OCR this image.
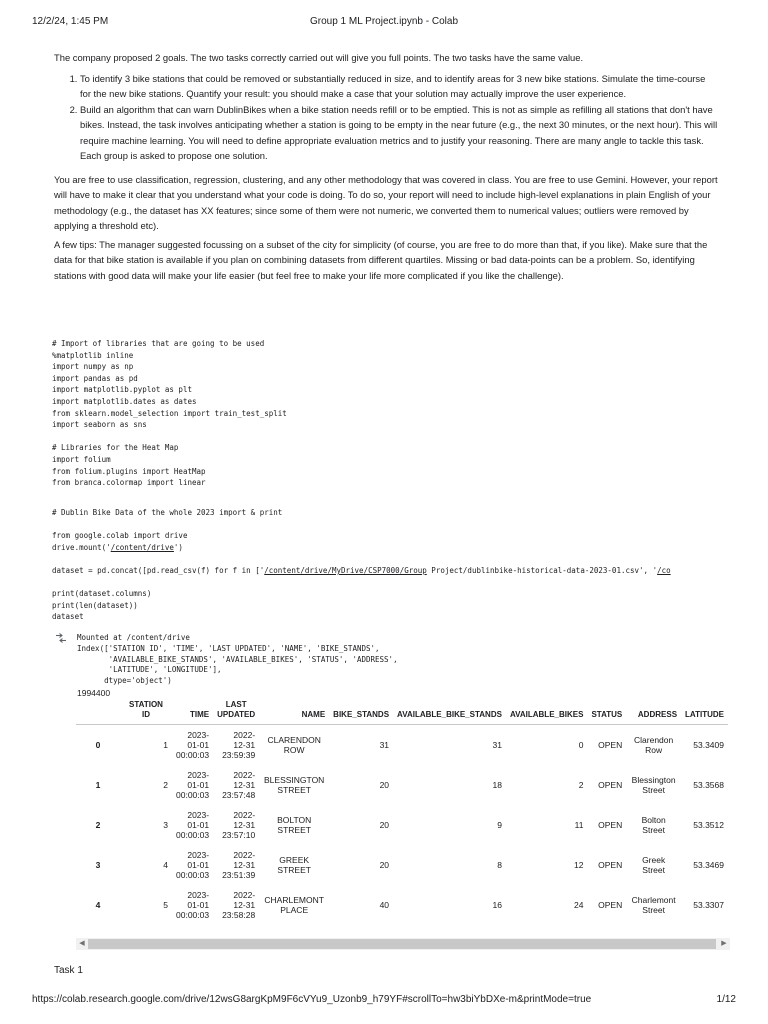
12/2/24, 1:45 PM	Group 1 ML Project.ipynb - Colab

The company proposed 2 goals. The two tasks correctly carried out will give you full points. The two tasks have the same value.

1. To identify 3 bike stations that could be removed or substantially reduced in size, and to identify areas for 3 new bike stations. Simulate the time-course for the new bike stations. Quantify your result: you should make a case that your solution may actually improve the user experience.
2. Build an algorithm that can warn DublinBikes when a bike station needs refill or to be emptied. This is not as simple as refilling all stations that don't have bikes. Instead, the task involves anticipating whether a station is going to be empty in the near future (e.g., the next 30 minutes, or the next hour). This will require machine learning. You will need to define appropriate evaluation metrics and to justify your reasoning. There are many angle to tackle this task. Each group is asked to propose one solution.

You are free to use classification, regression, clustering, and any other methodology that was covered in class. You are free to use Gemini. However, your report will have to make it clear that you understand what your code is doing. To do so, your report will need to include high-level explanations in plain English of your methodology (e.g., the dataset has XX features; since some of them were not numeric, we converted them to numerical values; outliers were removed by applying a threshold etc).

A few tips: The manager suggested focussing on a subset of the city for simplicity (of course, you are free to do more than that, if you like). Make sure that the data for that bike station is available if you plan on combining datasets from different quartiles. Missing or bad data-points can be a problem. So, identifying stations with good data will make your life easier (but feel free to make your life more complicated if you like the challenge).

# Import of libraries that are going to be used
%matplotlib inline
import numpy as np
import pandas as pd
import matplotlib.pyplot as plt
import matplotlib.dates as dates
from sklearn.model_selection import train_test_split
import seaborn as sns

# Libraries for the Heat Map
import folium
from folium.plugins import HeatMap
from branca.colormap import linear
# Dublin Bike Data of the whole 2023 import & print

from google.colab import drive
drive.mount('/content/drive')

dataset = pd.concat([pd.read_csv(f) for f in ['/content/drive/MyDrive/CSP7000/Group Project/dublinbike-historical-data-2023-01.csv', '/co

print(dataset.columns)
print(len(dataset))
dataset
Mounted at /content/drive
Index(['STATION ID', 'TIME', 'LAST UPDATED', 'NAME', 'BIKE_STANDS',
'AVAILABLE_BIKE_STANDS', 'AVAILABLE_BIKES', 'STATUS', 'ADDRESS',
'LATITUDE', 'LONGITUDE'],
dtype='object')
1994400
	STATION ID	TIME	LAST UPDATED	NAME	BIKE_STANDS	AVAILABLE_BIKE_STANDS	AVAILABLE_BIKES	STATUS	ADDRESS	LATITUDE
0	1	2023-
01-01
00:00:03	2022-
12-31
23:59:39	CLARENDON ROW	31	31	0	OPEN	Clarendon Row	53.3409
1	2	2023-
01-01
00:00:03	2022-
12-31
23:57:48	BLESSINGTON STREET	20	18	2	OPEN	Blessington Street	53.3568
2	3	2023-
01-01
00:00:03	2022-
12-31
23:57:10	BOLTON STREET	20	9	11	OPEN	Bolton Street	53.3512
3	4	2023-
01-01
00:00:03	2022-
12-31
23:51:39	GREEK STREET	20	8	12	OPEN	Greek Street	53.3469
4	5	2023-
01-01
00:00:03	2022-
12-31
23:58:28	CHARLEMONT PLACE	40	16	24	OPEN	Charlemont Street	53.3307
◀	▶
Task 1
https://colab.research.google.com/drive/12wsG8argKpM9F6cVYu9_Uzonb9_h79YF#scrollTo=hw3biYbDXe-m&printMode=true	1/12
